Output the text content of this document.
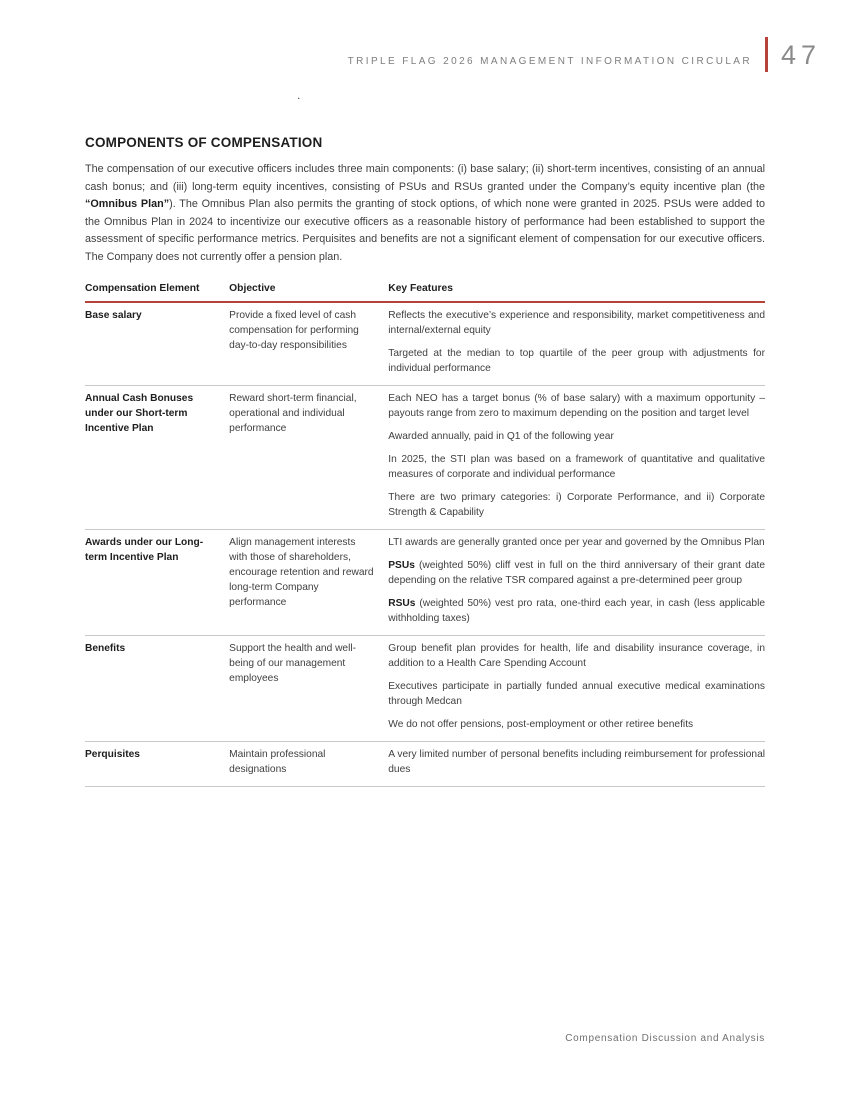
TRIPLE FLAG 2026 MANAGEMENT INFORMATION CIRCULAR 47
.
COMPONENTS OF COMPENSATION

The compensation of our executive officers includes three main components: (i) base salary; (ii) short-term incentives, consisting of an annual cash bonus; and (iii) long-term equity incentives, consisting of PSUs and RSUs granted under the Company’s equity incentive plan (the “Omnibus Plan”). The Omnibus Plan also permits the granting of stock options, of which none were granted in 2025. PSUs were added to the Omnibus Plan in 2024 to incentivize our executive officers as a reasonable history of performance had been established to support the assessment of specific performance metrics. Perquisites and benefits are not a significant element of compensation for our executive officers. The Company does not currently offer a pension plan.

Compensation Element	Objective	Key Features
Base salary	Provide a fixed level of cash compensation for performing day-to-day responsibilities	Reflects the executive’s experience and responsibility, market competitiveness and internal/external equity

Targeted at the median to top quartile of the peer group with adjustments for individual performance

Annual Cash Bonuses under our Short-term Incentive Plan	Reward short-term financial, operational and individual performance	Each NEO has a target bonus (% of base salary) with a maximum opportunity – payouts range from zero to maximum depending on the position and target level

Awarded annually, paid in Q1 of the following year

In 2025, the STI plan was based on a framework of quantitative and qualitative measures of corporate and individual performance

There are two primary categories: i) Corporate Performance, and ii) Corporate Strength & Capability

Awards under our Long-term Incentive Plan	Align management interests with those of shareholders, encourage retention and reward long-term Company performance	LTI awards are generally granted once per year and governed by the Omnibus Plan

PSUs (weighted 50%) cliff vest in full on the third anniversary of their grant date depending on the relative TSR compared against a pre-determined peer group

RSUs (weighted 50%) vest pro rata, one-third each year, in cash (less applicable withholding taxes)

Benefits	Support the health and well-being of our management employees	Group benefit plan provides for health, life and disability insurance coverage, in addition to a Health Care Spending Account

Executives participate in partially funded annual executive medical examinations through Medcan

We do not offer pensions, post-employment or other retiree benefits

Perquisites	Maintain professional designations	A very limited number of personal benefits including reimbursement for professional dues

Compensation Discussion and Analysis
